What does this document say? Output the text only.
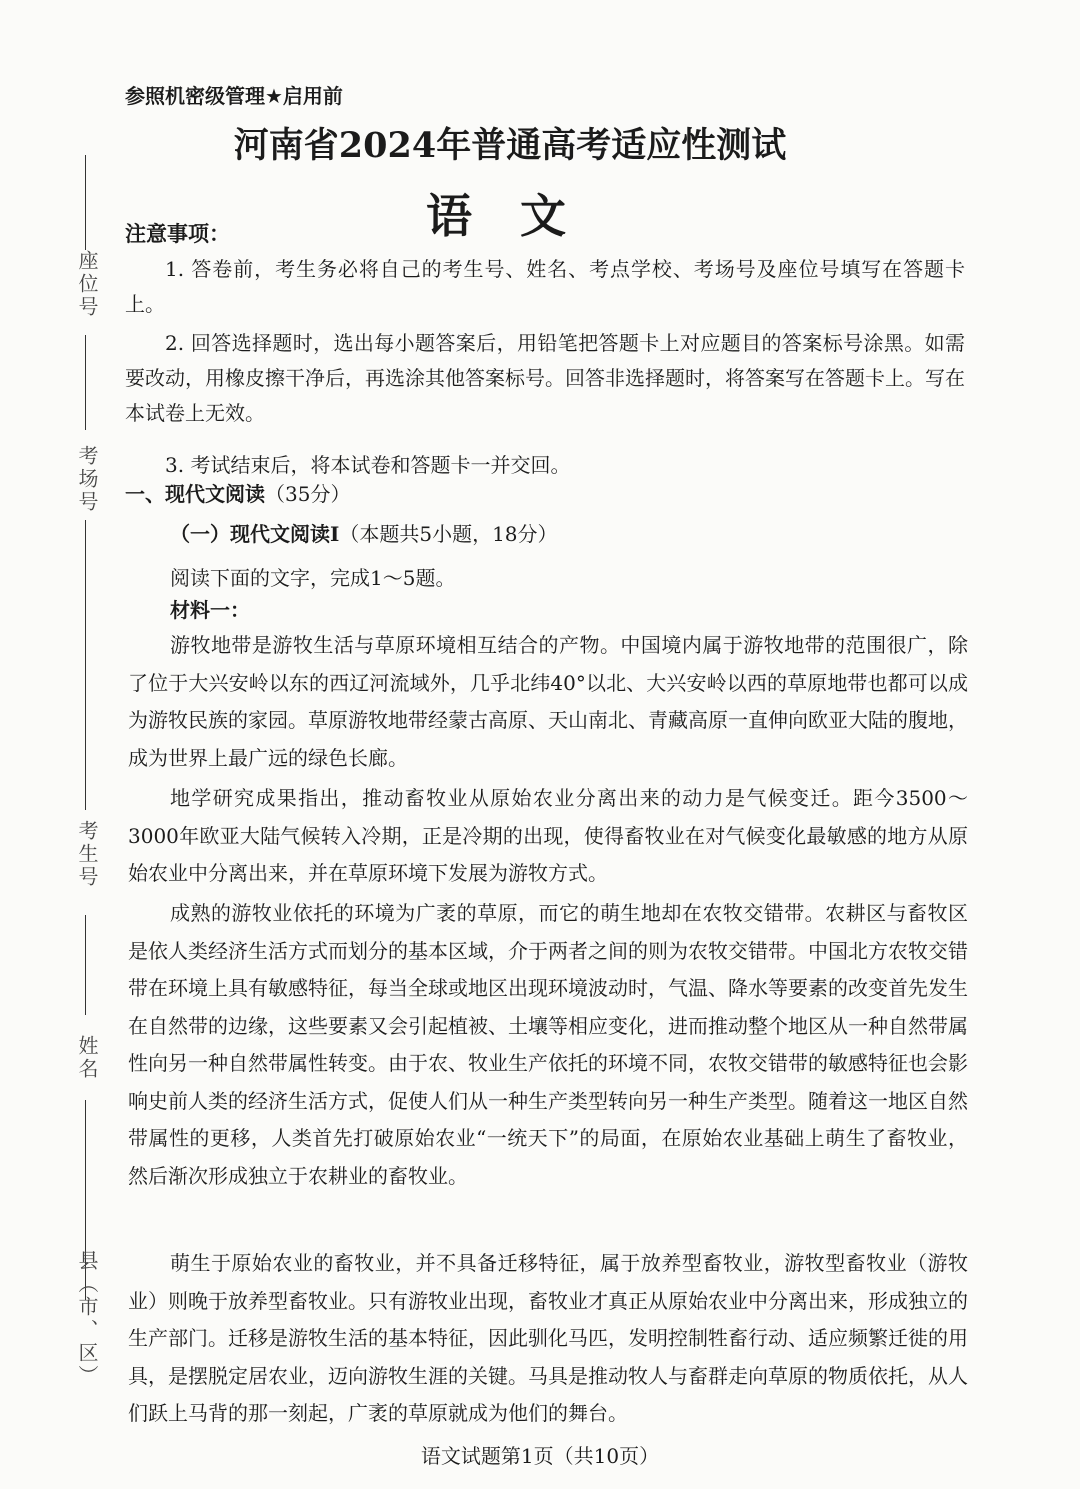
座位号
考场号
考生号
姓名
县（市、区）
参照机密级管理★启用前
河南省2024年普通高考适应性测试
语文
注意事项：

1. 答卷前，考生务必将自己的考生号、姓名、考点学校、考场号及座位号填写在答题卡上。

2. 回答选择题时，选出每小题答案后，用铅笔把答题卡上对应题目的答案标号涂黑。如需要改动，用橡皮擦干净后，再选涂其他答案标号。回答非选择题时，将答案写在答题卡上。写在本试卷上无效。

3. 考试结束后，将本试卷和答题卡一并交回。

一、现代文阅读（35分）
（一）现代文阅读Ⅰ（本题共5小题，18分）
阅读下面的文字，完成1～5题。
材料一：

游牧地带是游牧生活与草原环境相互结合的产物。中国境内属于游牧地带的范围很广，除了位于大兴安岭以东的西辽河流域外，几乎北纬40°以北、大兴安岭以西的草原地带也都可以成为游牧民族的家园。草原游牧地带经蒙古高原、天山南北、青藏高原一直伸向欧亚大陆的腹地，成为世界上最广远的绿色长廊。

地学研究成果指出，推动畜牧业从原始农业分离出来的动力是气候变迁。距今3500～3000年欧亚大陆气候转入冷期，正是冷期的出现，使得畜牧业在对气候变化最敏感的地方从原始农业中分离出来，并在草原环境下发展为游牧方式。

成熟的游牧业依托的环境为广袤的草原，而它的萌生地却在农牧交错带。农耕区与畜牧区是依人类经济生活方式而划分的基本区域，介于两者之间的则为农牧交错带。中国北方农牧交错带在环境上具有敏感特征，每当全球或地区出现环境波动时，气温、降水等要素的改变首先发生在自然带的边缘，这些要素又会引起植被、土壤等相应变化，进而推动整个地区从一种自然带属性向另一种自然带属性转变。由于农、牧业生产依托的环境不同，农牧交错带的敏感特征也会影响史前人类的经济生活方式，促使人们从一种生产类型转向另一种生产类型。随着这一地区自然带属性的更移，人类首先打破原始农业“一统天下”的局面，在原始农业基础上萌生了畜牧业，然后渐次形成独立于农耕业的畜牧业。

萌生于原始农业的畜牧业，并不具备迁移特征，属于放养型畜牧业，游牧型畜牧业（游牧业）则晚于放养型畜牧业。只有游牧业出现，畜牧业才真正从原始农业中分离出来，形成独立的生产部门。迁移是游牧生活的基本特征，因此驯化马匹，发明控制牲畜行动、适应频繁迁徙的用具，是摆脱定居农业，迈向游牧生涯的关键。马具是推动牧人与畜群走向草原的物质依托，从人们跃上马背的那一刻起，广袤的草原就成为他们的舞台。

语文试题第1页（共10页）
